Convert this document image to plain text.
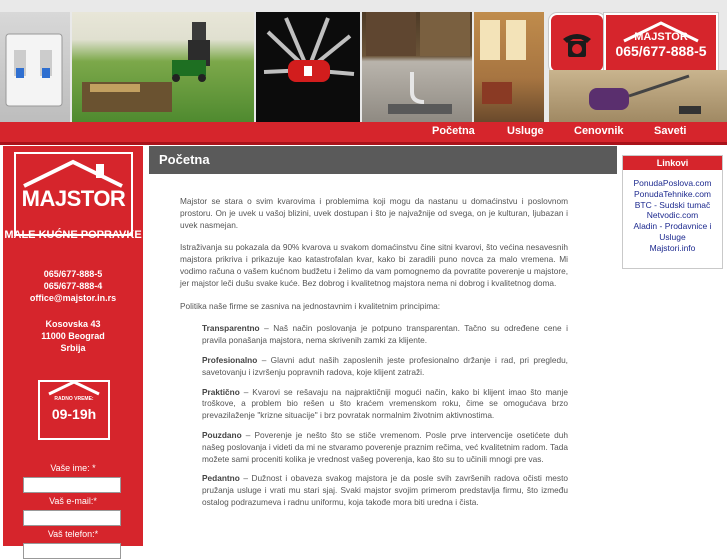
MAJSTOR
065/677-888-5
Početna	Usluge	Cenovnik	Saveti
MAJSTOR
MALE KUĆNE POPRAVKE
065/677-888-5
065/677-888-4
office@majstor.in.rs
Kosovska 43
11000 Beograd
Srbija
RADNO VREME:
09-19h
Vaše ime: *
Vaš e-mail:*
Vaš telefon:*
Početna

Majstor se stara o svim kvarovima i problemima koji mogu da nastanu u domaćinstvu i poslovnom prostoru. On je uvek u vašoj blizini, uvek dostupan i što je najvažnije od svega, on je kulturan, ljubazan i uvek nasmejan.

Istraživanja su pokazala da 90% kvarova u svakom domaćinstvu čine sitni kvarovi, što većina nesavesnih majstora prikriva i prikazuje kao katastrofalan kvar, kako bi zaradili puno novca za malo vremena. Mi vodimo računa o vašem kućnom budžetu i želimo da vam pomognemo da povratite poverenje u majstore, jer majstor leči dušu svake kuće. Bez dobrog i kvalitetnog majstora nema ni dobrog i kvalitetnog doma.

Politika naše firme se zasniva na jednostavnim i kvalitetnim principima:

Transparentno – Naš način poslovanja je potpuno transparentan. Tačno su određene cene i pravila ponašanja majstora, nema skrivenih zamki za klijente.
Profesionalno – Glavni adut naših zaposlenih jeste profesionalno držanje i rad, pri pregledu, savetovanju i izvršenju popravnih radova, koje klijent zatraži.
Praktično – Kvarovi se rešavaju na najpraktičniji mogući način, kako bi klijent imao što manje troškove, a problem bio rešen u što kraćem vremenskom roku, čime se omogućava brzo prevazilaženje "krizne situacije" i brz povratak normalnim životnim aktivnostima.
Pouzdano – Poverenje je nešto što se stiče vremenom. Posle prve intervencije osetićete duh našeg poslovanja i videti da mi ne stvaramo poverenje praznim rečima, već kvalitetnim radom. Tada možete sami proceniti kolika je vrednost vašeg poverenja, kao što su to učinili mnogi pre vas.
Pedantno – Dužnost i obaveza svakog majstora je da posle svih završenih radova očisti mesto pružanja usluge i vrati mu stari sjaj. Svaki majstor svojim primerom predstavlja firmu, što između ostalog podrazumeva i radnu uniformu, koja takođe mora biti uredna i čista.
Linkovi
PonudaPoslova.com
PonudaTehnike.com
BTC - Sudski tumač
Netvodic.com
Aladin - Prodavnice i Usluge
Majstori.info
